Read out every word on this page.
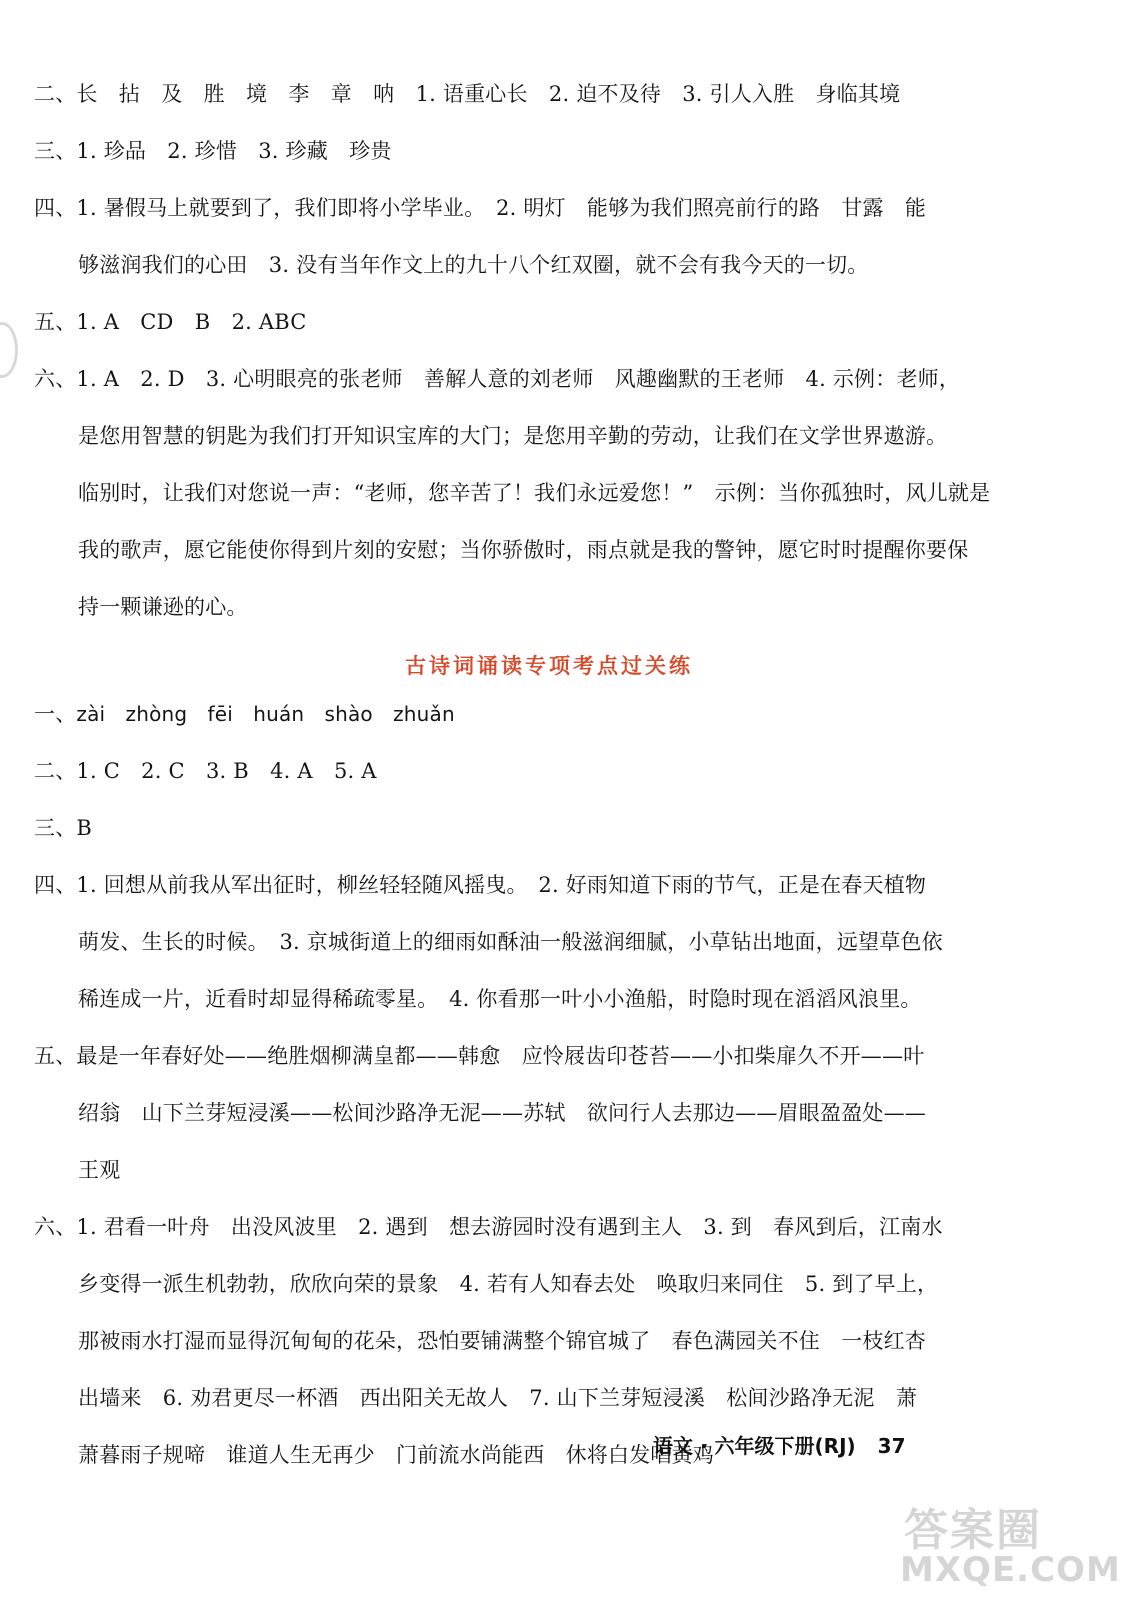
二、长　拈　及　胜　境　李　章　呐　1. 语重心长　2. 迫不及待　3. 引人入胜　身临其境
三、1. 珍品　2. 珍惜　3. 珍藏　珍贵
四、1. 暑假马上就要到了，我们即将小学毕业。　2. 明灯　能够为我们照亮前行的路　甘露　能
够滋润我们的心田　3. 没有当年作文上的九十八个红双圈，就不会有我今天的一切。
五、1. A　CD　B　2. ABC
六、1. A　2. D　3. 心明眼亮的张老师　善解人意的刘老师　风趣幽默的王老师　4. 示例：老师，
是您用智慧的钥匙为我们打开知识宝库的大门；是您用辛勤的劳动，让我们在文学世界遨游。
临别时，让我们对您说一声：“老师，您辛苦了！我们永远爱您！”　示例：当你孤独时，风儿就是
我的歌声，愿它能使你得到片刻的安慰；当你骄傲时，雨点就是我的警钟，愿它时时提醒你要保
持一颗谦逊的心。
古诗词诵读专项考点过关练
一、zài　zhòng　fēi　huán　shào　zhuǎn
二、1. C　2. C　3. B　4. A　5. A
三、B
四、1. 回想从前我从军出征时，柳丝轻轻随风摇曳。　2. 好雨知道下雨的节气，正是在春天植物
萌发、生长的时候。　3. 京城街道上的细雨如酥油一般滋润细腻，小草钻出地面，远望草色依
稀连成一片，近看时却显得稀疏零星。　4. 你看那一叶小小渔船，时隐时现在滔滔风浪里。
五、最是一年春好处——绝胜烟柳满皇都——韩愈　应怜屐齿印苍苔——小扣柴扉久不开——叶
绍翁　山下兰芽短浸溪——松间沙路净无泥——苏轼　欲问行人去那边——眉眼盈盈处——
王观
六、1. 君看一叶舟　出没风波里　2. 遇到　想去游园时没有遇到主人　3. 到　春风到后，江南水
乡变得一派生机勃勃，欣欣向荣的景象　4. 若有人知春去处　唤取归来同住　5. 到了早上，
那被雨水打湿而显得沉甸甸的花朵，恐怕要铺满整个锦官城了　春色满园关不住　一枝红杏
出墙来　6. 劝君更尽一杯酒　西出阳关无故人　7. 山下兰芽短浸溪　松间沙路净无泥　萧
萧暮雨子规啼　谁道人生无再少　门前流水尚能西　休将白发唱黄鸡
语文 · 六年级下册(RJ) 37
答案圈
MXQE.COM
